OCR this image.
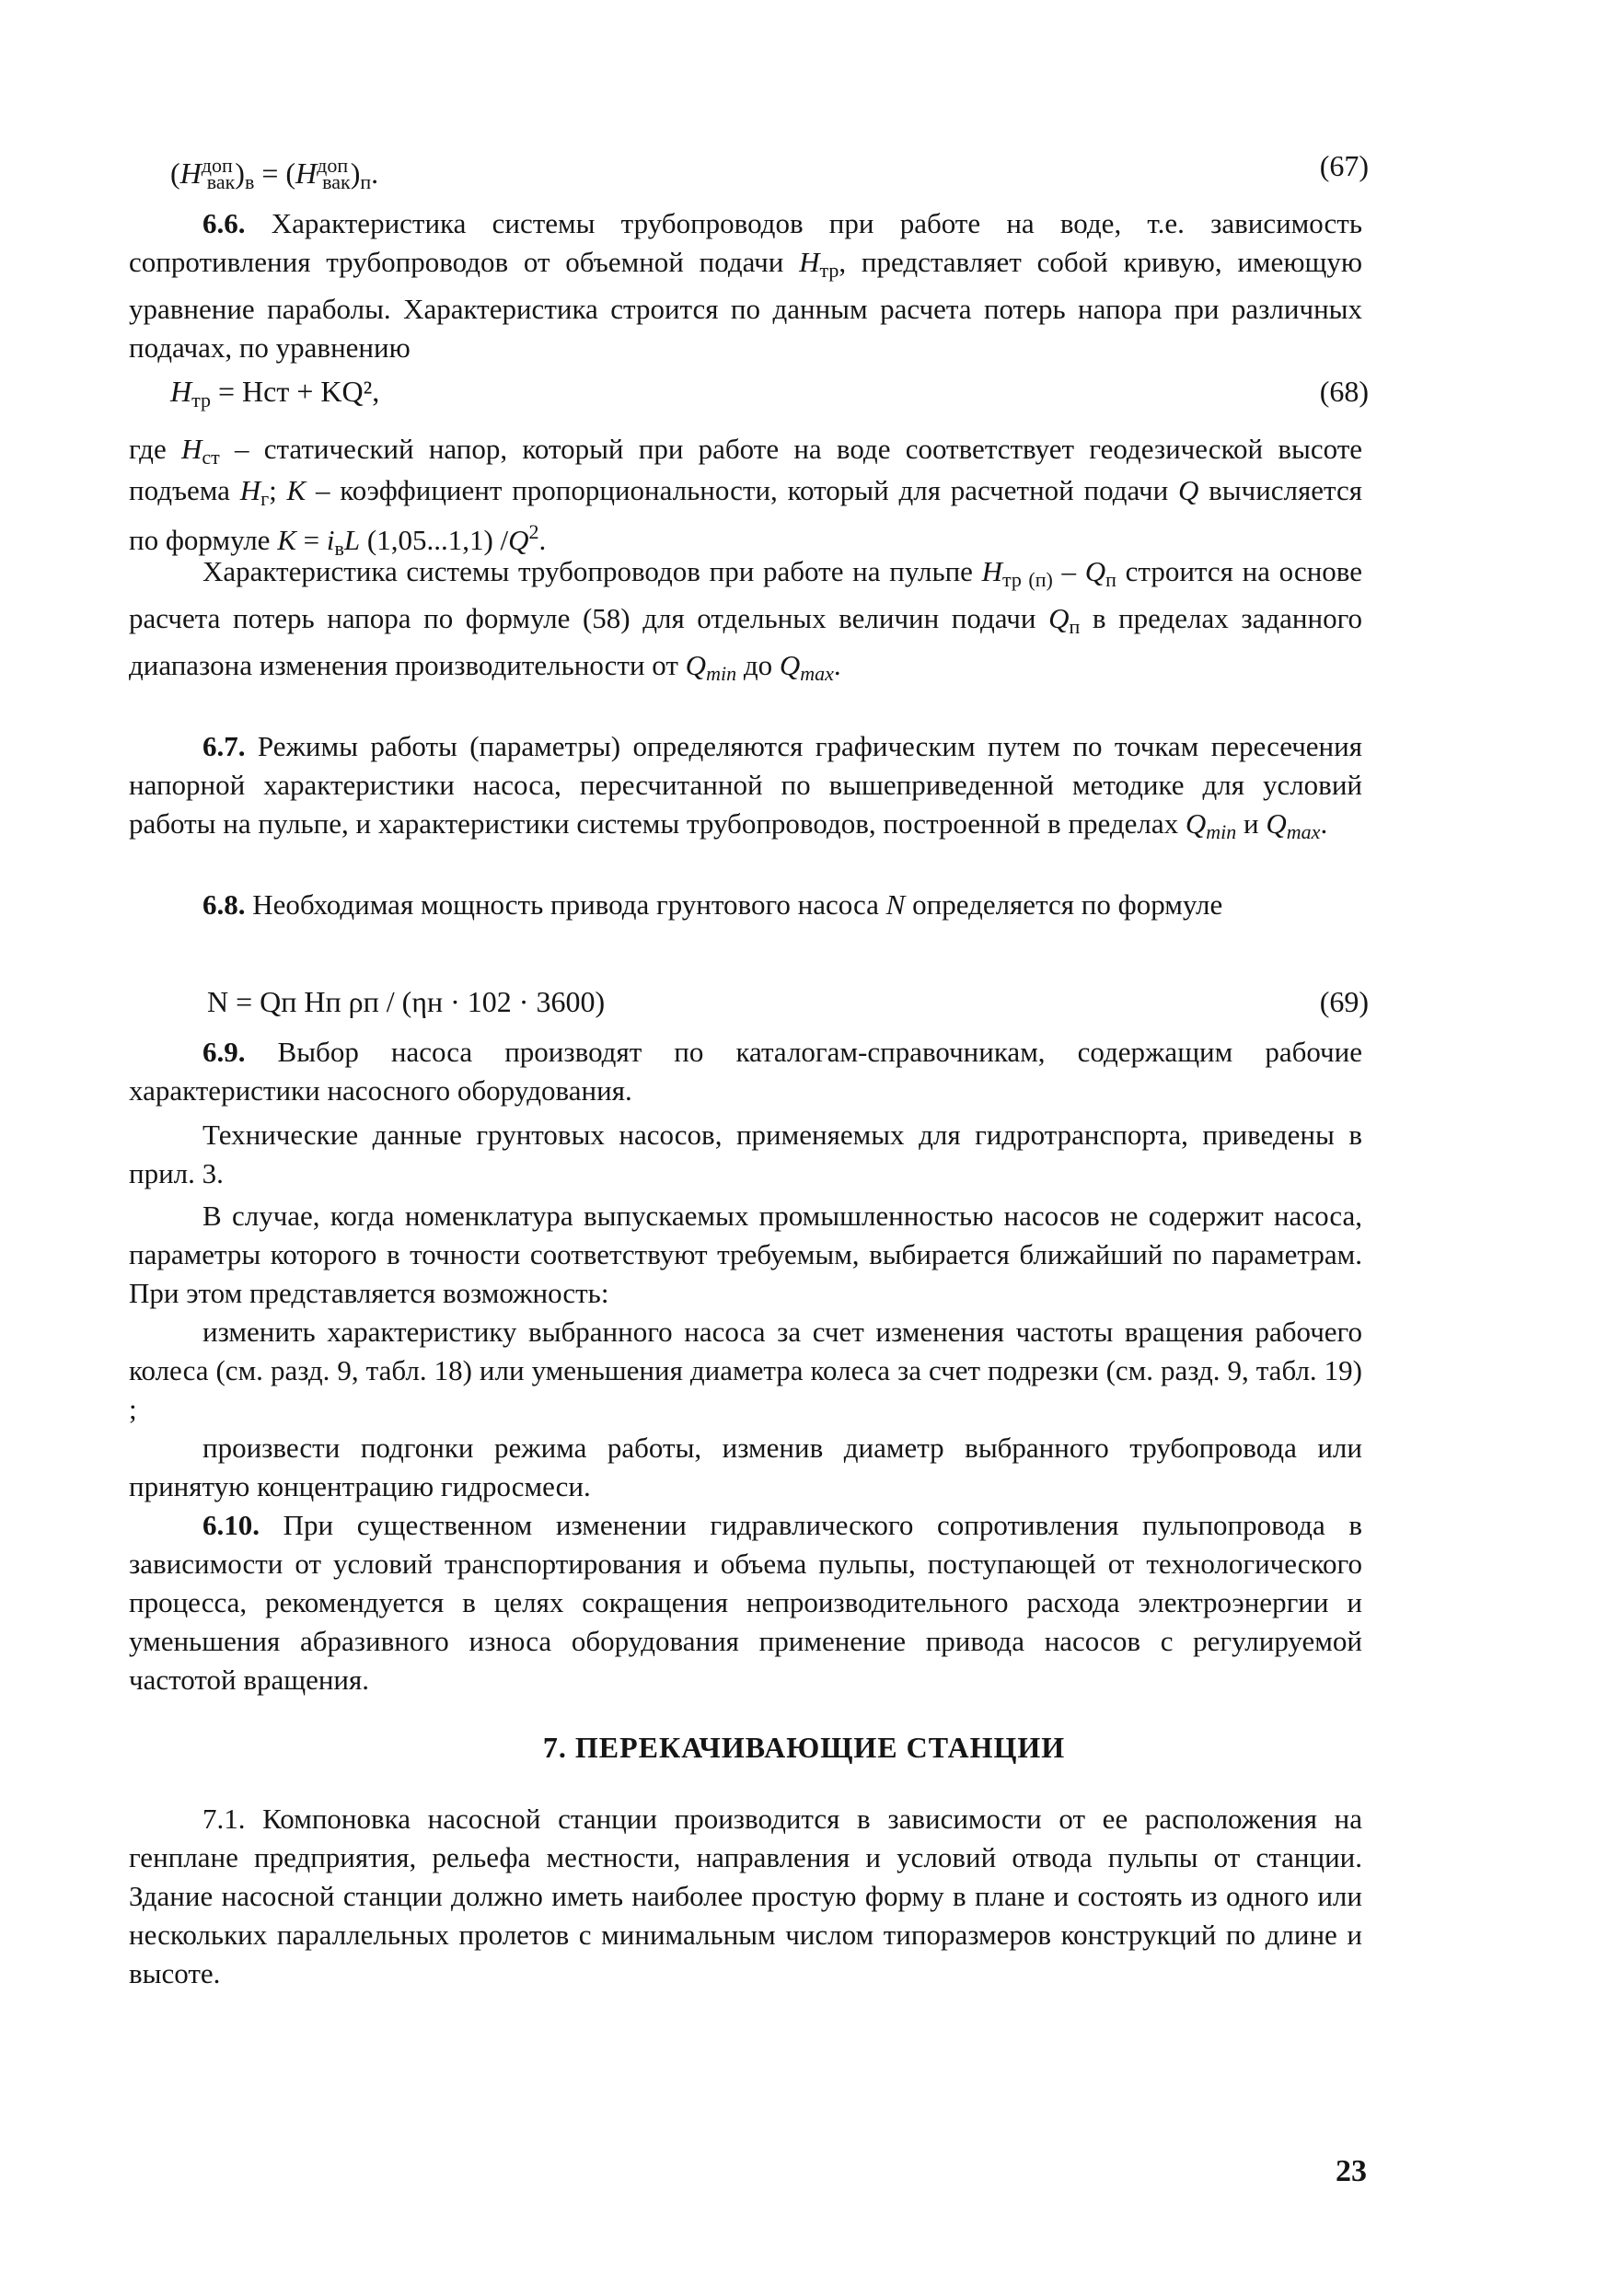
$(H^{доп}_{вак})_в = (H^{доп}_{вак})_п$.	(67)

6.6. Характеристика системы трубопроводов при работе на воде, т.е. зависимость сопротивления трубопроводов от объемной подачи $H_{тр}$, представляет собой кривую, имеющую уравнение параболы. Характеристика строится по данным расчета потерь напора при различных подачах, по уравнению

$H_{тр}$ = Hст + KQ²,	(68)

где $H_{ст}$ – статический напор, который при работе на воде соответствует геодезической высоте подъема $H_г$; K – коэффициент пропорциональности, который для расчетной подачи Q вычисляется по формуле $K = i_вL$ (1,05...1,1) $/Q^2$.

Характеристика системы трубопроводов при работе на пульпе $H_{тр (п)} - Q_п$ строится на основе расчета потерь напора по формуле (58) для отдельных величин подачи $Q_п$ в пределах заданного диапазона изменения производительности от $Q_{min}$ до $Q_{max}$.

6.7. Режимы работы (параметры) определяются графическим путем по точкам пересечения напорной характеристики насоса, пересчитанной по вышеприведенной методике для условий работы на пульпе, и характеристики системы трубопроводов, построенной в пределах $Q_{min}$ и $Q_{max}$.

6.8. Необходимая мощность привода грунтового насоса N определяется по формуле

N = Qп Hп ρп / (ηн · 102 · 3600)	(69)

6.9. Выбор насоса производят по каталогам-справочникам, содержащим рабочие характеристики насосного оборудования.

Технические данные грунтовых насосов, применяемых для гидротранспорта, приведены в прил. 3.

В случае, когда номенклатура выпускаемых промышленностью насосов не содержит насоса, параметры которого в точности соответствуют требуемым, выбирается ближайший по параметрам. При этом представляется возможность:

изменить характеристику выбранного насоса за счет изменения частоты вращения рабочего колеса (см. разд. 9, табл. 18) или уменьшения диаметра колеса за счет подрезки (см. разд. 9, табл. 19) ;

произвести подгонки режима работы, изменив диаметр выбранного трубопровода или принятую концентрацию гидросмеси.

6.10. При существенном изменении гидравлического сопротивления пульпопровода в зависимости от условий транспортирования и объема пульпы, поступающей от технологического процесса, рекомендуется в целях сокращения непроизводительного расхода электроэнергии и уменьшения абразивного износа оборудования применение привода насосов с регулируемой частотой вращения.

7. ПЕРЕКАЧИВАЮЩИЕ СТАНЦИИ

7.1. Компоновка насосной станции производится в зависимости от ее расположения на генплане предприятия, рельефа местности, направления и условий отвода пульпы от станции. Здание насосной станции должно иметь наиболее простую форму в плане и состоять из одного или нескольких параллельных пролетов с минимальным числом типоразмеров конструкций по длине и высоте.

23
